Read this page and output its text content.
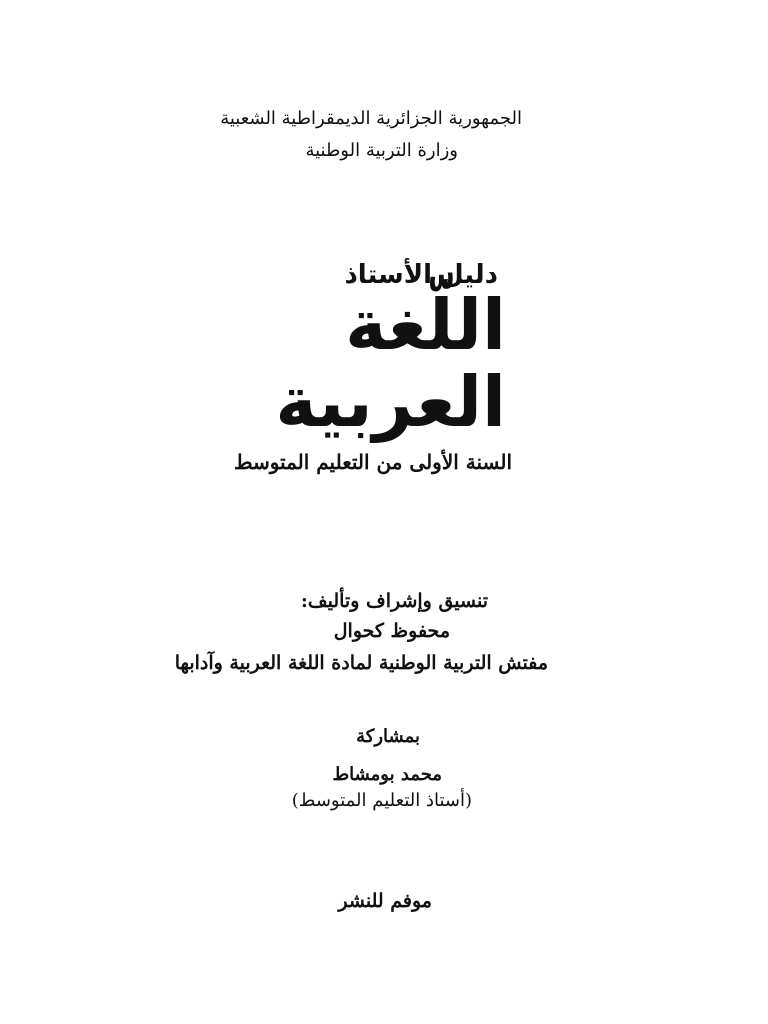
الجمهورية الجزائرية الديمقراطية الشعبية
وزارة التربية الوطنية
دليل الأستاذ
اللّغة
العربية
السنة الأولى من التعليم المتوسط
تنسيق وإشراف وتأليف:
محفوظ كحوال
مفتش التربية الوطنية لمادة اللغة العربية وآدابها
بمشاركة
محمد بومشاط
(أستاذ التعليم المتوسط)
موفم للنشر
